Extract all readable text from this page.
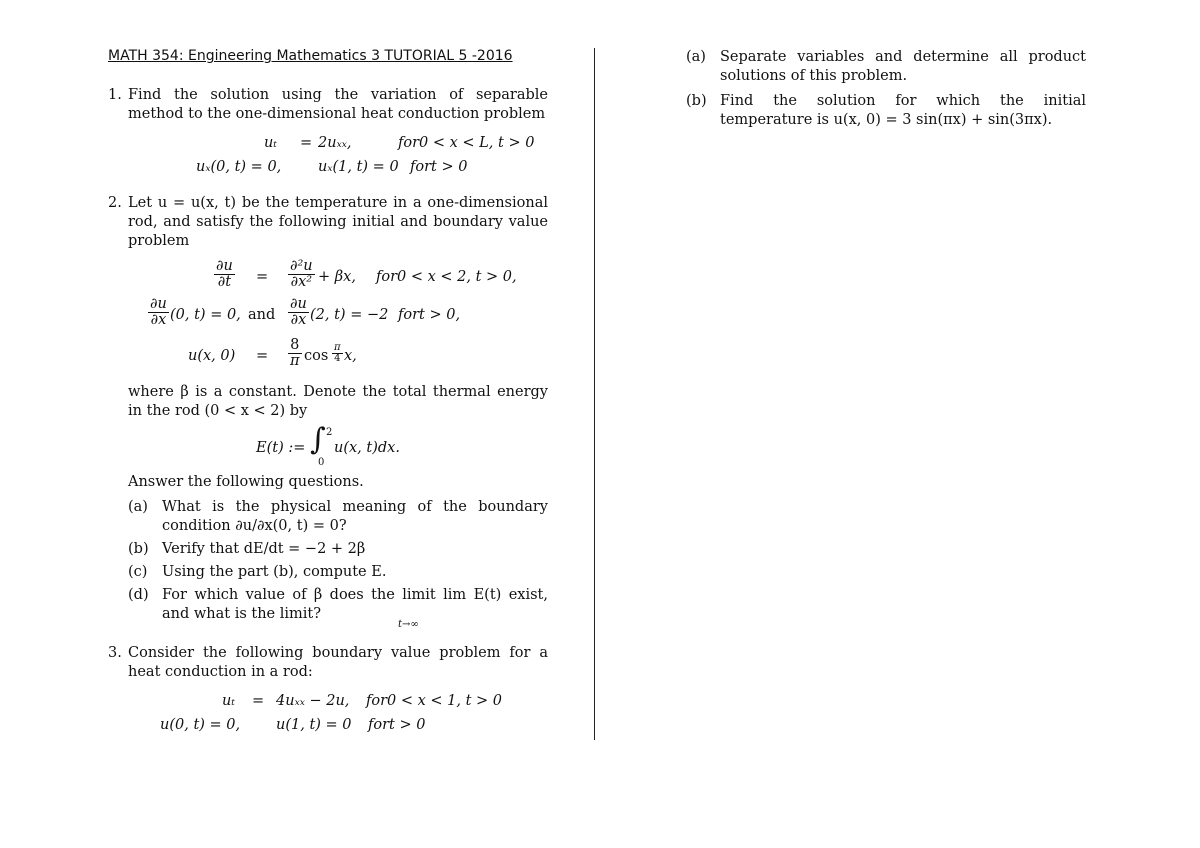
MATH 354: Engineering Mathematics 3 TUTORIAL 5 -2016
1. Find the solution using the variation of separable method to the one-dimensional heat conduction problem

uₜ = 2uₓₓ,	for0 < x < L, t > 0
uₓ(0, t) = 0,	uₓ(1, t) = 0 fort > 0
2. Let u = u(x, t) be the temperature in a one-dimensional rod, and satisfy the following initial and boundary value problem

$\frac{\partial u}{\partial t} = \frac{\text{∂²u}}{\text{∂x²}} + \beta x$, for0 < x < 2, t > 0,
$\frac{\partial u}{\partial x} (0$, t) = 0, and $\frac{\partial u}{\partial x} (2$, t) = −2 fort > 0,
u(x, $0) = \frac{8}{\pi}$ $\cos \frac{\pi}{4} x$,

where β is a constant. Denote the total thermal energy in the rod (0 < x < 2) by

E(t) := ∫ 2
0
u(x, t)dx.

Answer the following questions.

(a) What is the physical meaning of the boundary condition ∂u/∂x(0, t) = 0?
(b) Verify that dE/dt = −2 + 2β
(c) Using the part (b), compute E.
(d) For which value of β does the limit lim E(t) exist, and what is the limit?
t→∞
3. Consider the following boundary value problem for a heat conduction in a rod:

uₜ = 4uₓₓ − 2u, for0 < x < 1, t > 0
u(0, t) = 0, u(1, t) = 0 fort > 0
(a) Separate variables and determine all product solutions of this problem.
(b) Find the solution for which the initial temperature is u(x, 0) = 3 sin(πx) + sin(3πx).
